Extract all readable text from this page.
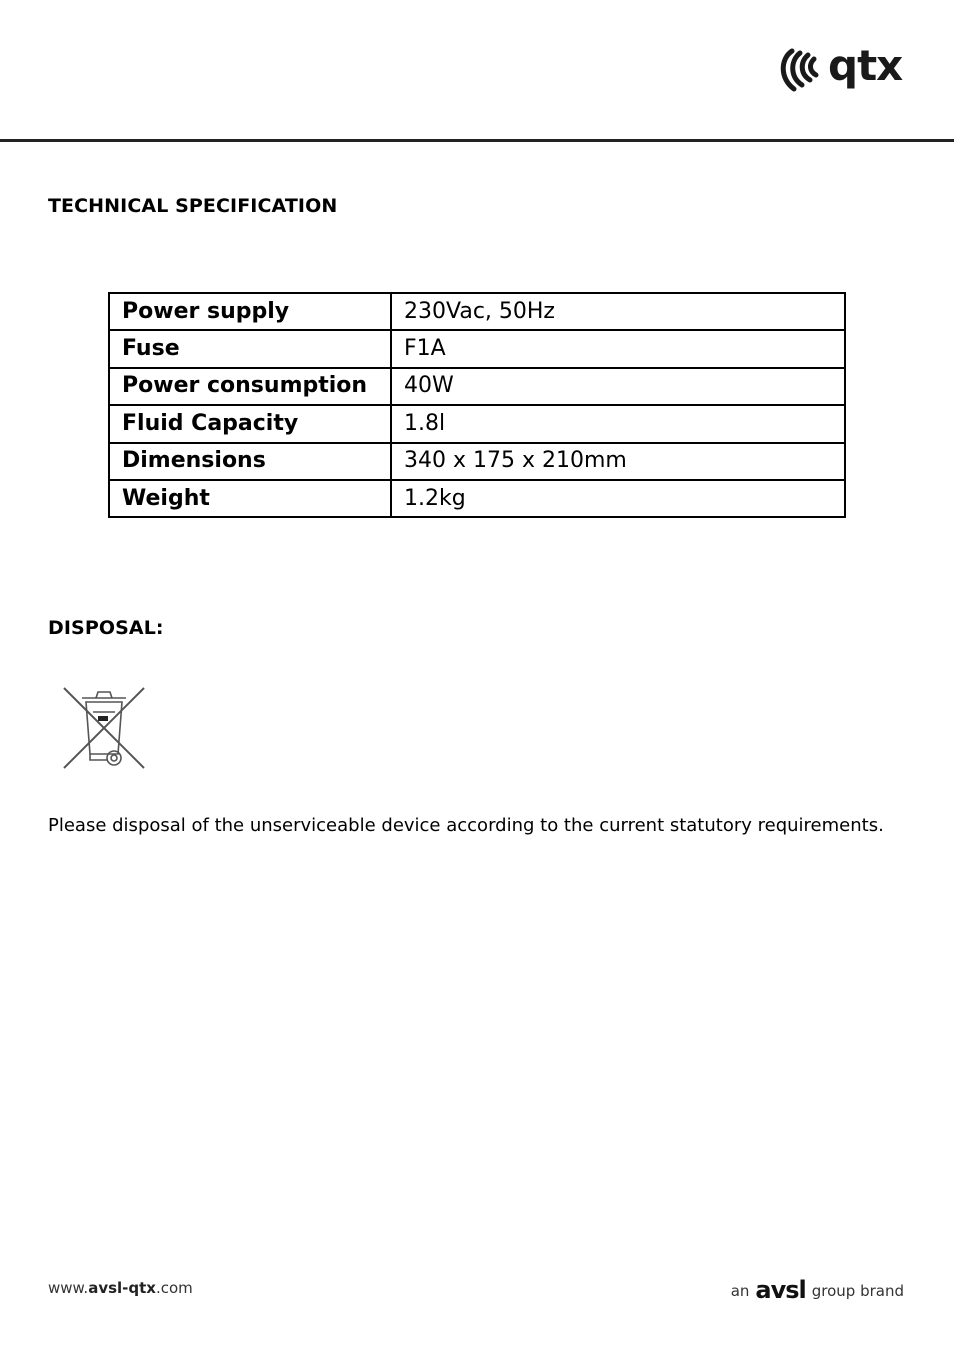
qtx
TECHNICAL SPECIFICATION
Power supply	230Vac, 50Hz
Fuse	F1A
Power consumption	40W
Fluid Capacity	1.8l
Dimensions	340 x 175 x 210mm
Weight	1.2kg
DISPOSAL:
Please disposal of the unserviceable device according to the current statutory requirements.
www.avsl-qtx.com	an avsl group brand
